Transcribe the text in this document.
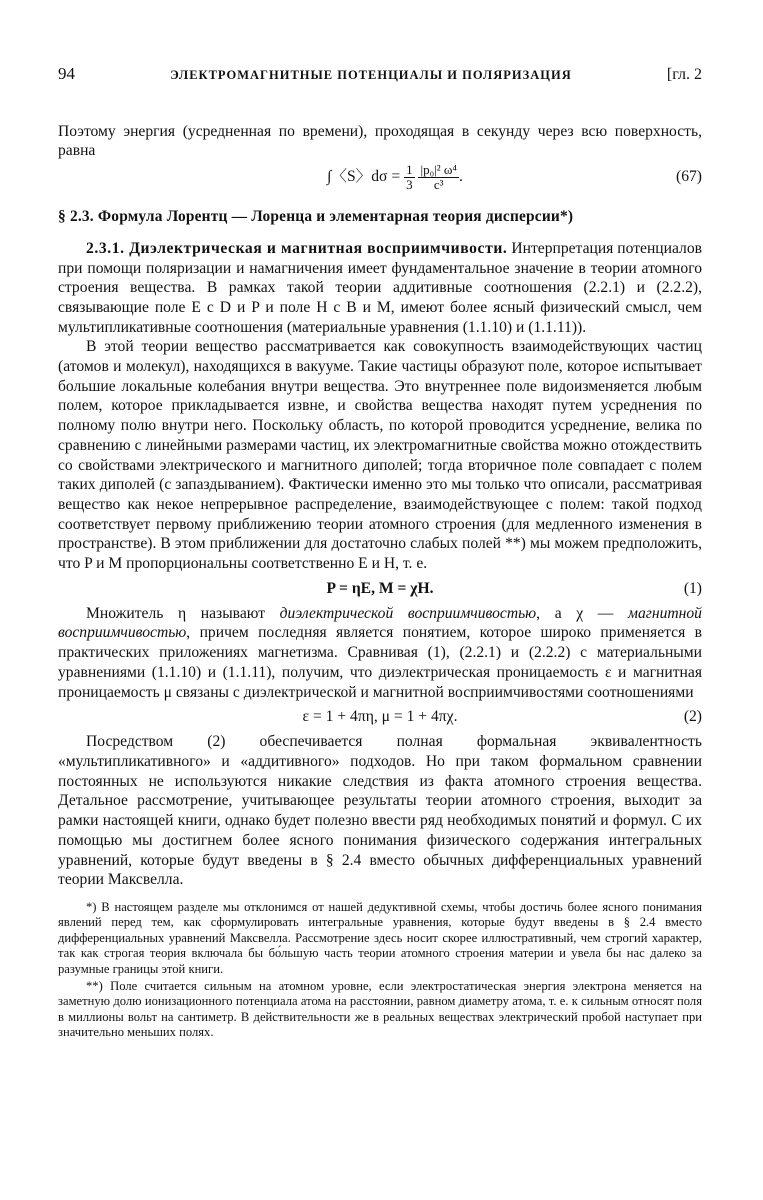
94	ЭЛЕКТРОМАГНИТНЫЕ ПОТЕНЦИАЛЫ И ПОЛЯРИЗАЦИЯ	[гл. 2

Поэтому энергия (усредненная по времени), проходящая в секунду через всю поверхность, равна

∫〈S〉$d\sigma = \frac{1}{3}$
$\frac{\text{|p₀|² ω⁴}}{\text{c³}}$ .	(67)
§ 2.3. Формула Лорентц — Лоренца и элементарная теория дисперсии*)

2.3.1. Диэлектрическая и магнитная восприимчивости. Интерпретация потенциалов при помощи поляризации и намагничения имеет фундаментальное значение в теории атомного строения вещества. В рамках такой теории аддитивные соотношения (2.2.1) и (2.2.2), связывающие поле E с D и P и поле H с B и M, имеют более ясный физический смысл, чем мультипликативные соотношения (материальные уравнения (1.1.10) и (1.1.11)).

В этой теории вещество рассматривается как совокупность взаимодействующих частиц (атомов и молекул), находящихся в вакууме. Такие частицы образуют поле, которое испытывает большие локальные колебания внутри вещества. Это внутреннее поле видоизменяется любым полем, которое прикладывается извне, и свойства вещества находят путем усреднения по полному полю внутри него. Поскольку область, по которой проводится усреднение, велика по сравнению с линейными размерами частиц, их электромагнитные свойства можно отождествить со свойствами электрического и магнитного диполей; тогда вторичное поле совпадает с полем таких диполей (с запаздыванием). Фактически именно это мы только что описали, рассматривая вещество как некое непрерывное распределение, взаимодействующее с полем: такой подход соответствует первому приближению теории атомного строения (для медленного изменения в пространстве). В этом приближении для достаточно слабых полей **) мы можем предположить, что P и M пропорциональны соответственно E и H, т. е.

P = ηE, M = χH.	(1)

Множитель η называют диэлектрической восприимчивостью, а χ — магнитной восприимчивостью, причем последняя является понятием, которое широко применяется в практических приложениях магнетизма. Сравнивая (1), (2.2.1) и (2.2.2) с материальными уравнениями (1.1.10) и (1.1.11), получим, что диэлектрическая проницаемость ε и магнитная проницаемость μ связаны с диэлектрической и магнитной восприимчивостями соотношениями

ε = 1 + 4πη, μ = 1 + 4πχ.	(2)

Посредством (2) обеспечивается полная формальная эквивалентность «мультипликативного» и «аддитивного» подходов. Но при таком формальном сравнении постоянных не используются никакие следствия из факта атомного строения вещества. Детальное рассмотрение, учитывающее результаты теории атомного строения, выходит за рамки настоящей книги, однако будет полезно ввести ряд необходимых понятий и формул. С их помощью мы достигнем более ясного понимания физического содержания интегральных уравнений, которые будут введены в § 2.4 вместо обычных дифференциальных уравнений теории Максвелла.

*) В настоящем разделе мы отклонимся от нашей дедуктивной схемы, чтобы достичь более ясного понимания явлений перед тем, как сформулировать интегральные уравнения, которые будут введены в § 2.4 вместо дифференциальных уравнений Максвелла. Рассмотрение здесь носит скорее иллюстративный, чем строгий характер, так как строгая теория включала бы бо́льшую часть теории атомного строения материи и увела бы нас далеко за разумные границы этой книги.

**) Поле считается сильным на атомном уровне, если электростатическая энергия электрона меняется на заметную долю ионизационного потенциала атома на расстоянии, равном диаметру атома, т. е. к сильным относят поля в миллионы вольт на сантиметр. В действительности же в реальных веществах электрический пробой наступает при значительно меньших полях.
